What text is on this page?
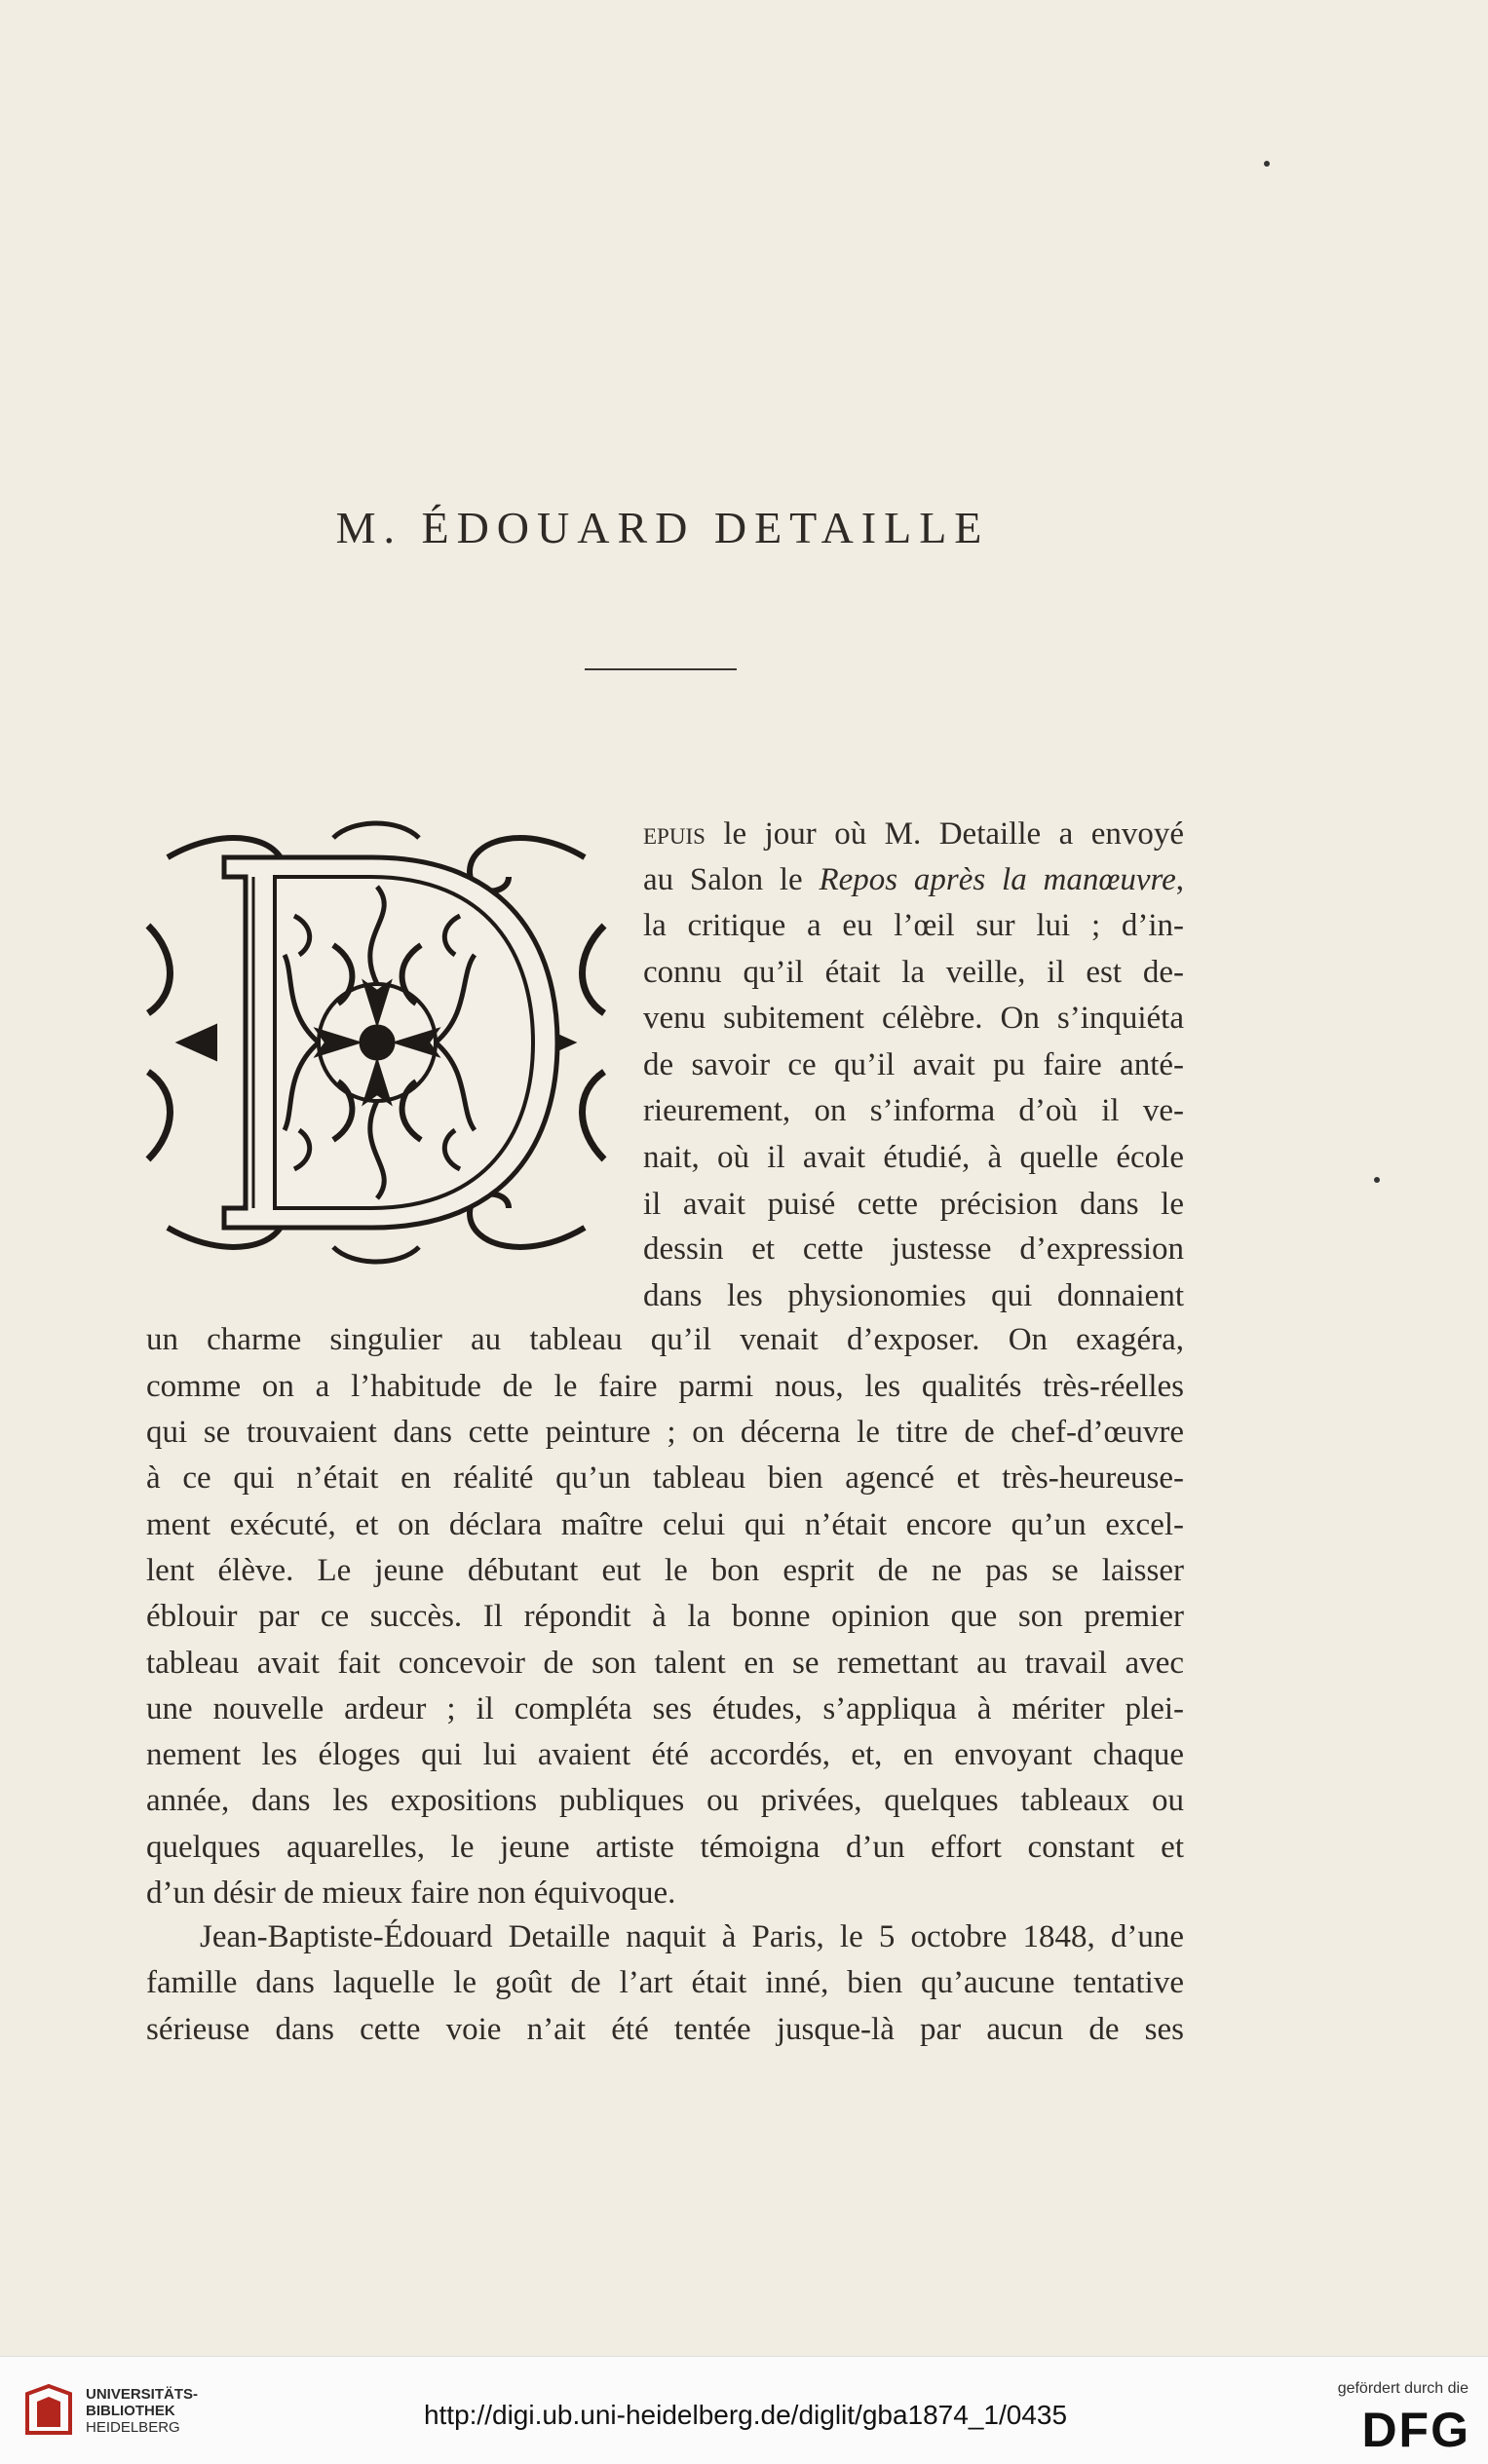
M. ÉDOUARD DETAILLE
epuis le jour où M. Detaille a envoyé
au Salon le Repos après la manœuvre,
la critique a eu l’œil sur lui ; d’in-
connu qu’il était la veille, il est de-
venu subitement célèbre. On s’inquiéta
de savoir ce qu’il avait pu faire anté-
rieurement, on s’informa d’où il ve-
nait, où il avait étudié, à quelle école
il avait puisé cette précision dans le
dessin et cette justesse d’expression
dans les physionomies qui donnaient
un charme singulier au tableau qu’il venait d’exposer. On exagéra,
comme on a l’habitude de le faire parmi nous, les qualités très-réelles
qui se trouvaient dans cette peinture ; on décerna le titre de chef-d’œuvre
à ce qui n’était en réalité qu’un tableau bien agencé et très-heureuse-
ment exécuté, et on déclara maître celui qui n’était encore qu’un excel-
lent élève. Le jeune débutant eut le bon esprit de ne pas se laisser
éblouir par ce succès. Il répondit à la bonne opinion que son premier
tableau avait fait concevoir de son talent en se remettant au travail avec
une nouvelle ardeur ; il compléta ses études, s’appliqua à mériter plei-
nement les éloges qui lui avaient été accordés, et, en envoyant chaque
année, dans les expositions publiques ou privées, quelques tableaux ou
quelques aquarelles, le jeune artiste témoigna d’un effort constant et
d’un désir de mieux faire non équivoque.
Jean-Baptiste-Édouard Detaille naquit à Paris, le 5 octobre 1848, d’une
famille dans laquelle le goût de l’art était inné, bien qu’aucune tentative
sérieuse dans cette voie n’ait été tentée jusque-là par aucun de ses
UNIVERSITÄTS-
BIBLIOTHEK
HEIDELBERG	http://digi.ub.uni-heidelberg.de/diglit/gba1874_1/0435
gefördert durch die
DFG
